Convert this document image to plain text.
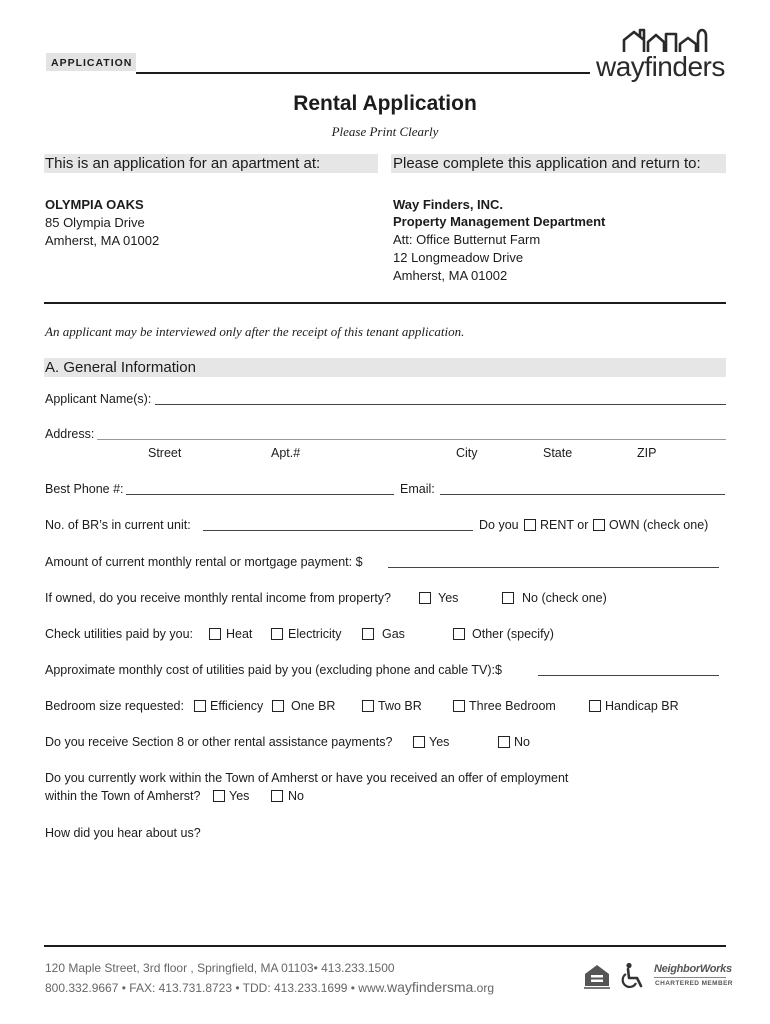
APPLICATION	wayfinders
Rental Application
Please Print Clearly
This is an application for an apartment at:	Please complete this application and return to:
OLYMPIA OAKS
85 Olympia Drive
Amherst, MA 01002
Way Finders, INC.
Property Management Department
Att: Office Butternut Farm
12 Longmeadow Drive
Amherst, MA 01002
An applicant may be interviewed only after the receipt of this tenant application.
A. General Information
Applicant Name(s):
Address:
Street	Apt.#	City	State	ZIP
Best Phone #:	Email:
No. of BR’s in current unit:	Do you RENT or OWN (check one)
Amount of current monthly rental or mortgage payment: $
If owned, do you receive monthly rental income from property?	Yes	No (check one)
Check utilities paid by you:	Heat	Electricity	Gas	Other (specify)
Approximate monthly cost of utilities paid by you (excluding phone and cable TV):$
Bedroom size requested: Efficiency One BR	Two BR	Three Bedroom	Handicap BR
Do you receive Section 8 or other rental assistance payments?	Yes	No
Do you currently work within the Town of Amherst or have you received an offer of employment
within the Town of Amherst? Yes	No
How did you hear about us?
120 Maple Street, 3rd floor , Springfield, MA 01103• 413.233.1500
800.332.9667 • FAX: 413.731.8723 • TDD: 413.233.1699 • www.wayfindersma.org
NeighborWorks
CHARTERED MEMBER
